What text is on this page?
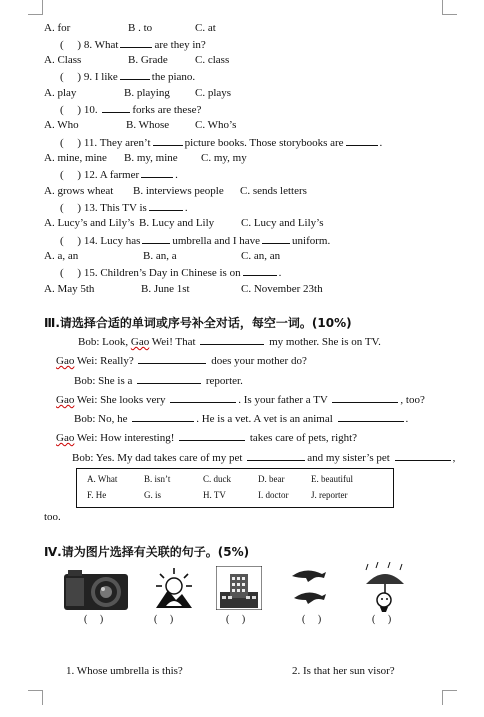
A. for	B . to	C. at
( ) 8. What	are they in?
A. Class	B. Grade C. class
( ) 9. I like	the piano.
A. play	B. playing C. plays
( ) 10.	forks are these?
A. Who	B. Whose C. Who’s
( ) 11. They aren’t	picture books. Those storybooks are	.
A. mine, mine B. my, mine C. my, my
( ) 12. A farmer	.
A. grows wheat B. interviews people C. sends letters
( ) 13. This TV is	.
A. Lucy’s and Lily’s B. Lucy and Lily C. Lucy and Lily’s
( ) 14. Lucy has	umbrella and I have	uniform.
A. a, an	B. an, a	C. an, an
( ) 15. Children’s Day in Chinese is on	.
A. May 5th	B. June 1st	C. November 23th
Ⅲ.请选择合适的单词或序号补全对话，每空一词。(10%)
Bob: Look, Gao Wei! That	my mother. She is on TV.
Gao Wei: Really?	does your mother do?
Bob: She is a	reporter.
Gao Wei: She looks very	. Is your father a TV	, too?
Bob: No, he	. He is a vet. A vet is an animal	.
Gao Wei: How interesting!	takes care of pets, right?
Bob: Yes. My dad takes care of my pet	and my sister’s pet	,
A. What	B. isn’t	C. duck	D. bear	E. beautiful
F. He	G. is	H. TV	I. doctor	J. reporter
too.
Ⅳ.请为图片选择有关联的句子。(5%)
( )	( )	( )	( )	( )
1. Whose umbrella is this?	2. Is that her sun visor?
